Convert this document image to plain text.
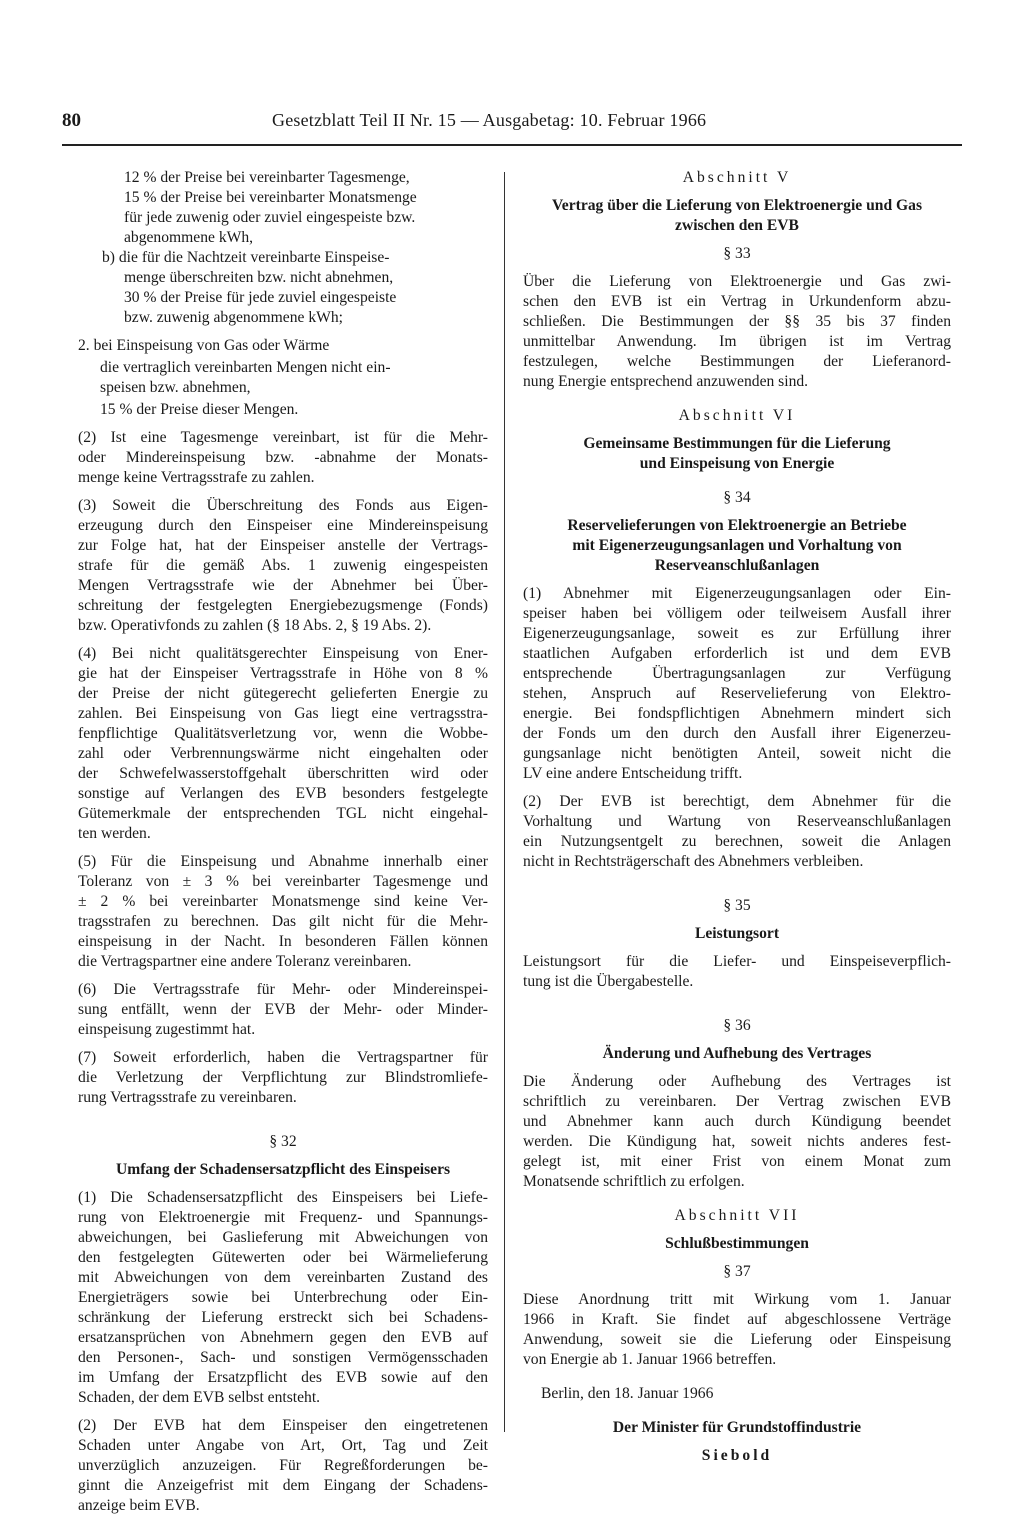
80	Gesetzblatt Teil II Nr. 15 — Ausgabetag: 10. Februar 1966
12 % der Preise bei vereinbarter Tagesmenge,
15 % der Preise bei vereinbarter Monatsmenge
für jede zuwenig oder zuviel eingespeiste bzw.
abgenommene kWh,
b) die für die Nachtzeit vereinbarte Einspeise-
menge überschreiten bzw. nicht abnehmen,
30 % der Preise für jede zuviel eingespeiste
bzw. zuwenig abgenommene kWh;
2. bei Einspeisung von Gas oder Wärme
die vertraglich vereinbarten Mengen nicht ein-
speisen bzw. abnehmen,
15 % der Preise dieser Mengen.
(2) Ist eine Tagesmenge vereinbart, ist für die Mehr-
oder Mindereinspeisung bzw. -abnahme der Monats-
menge keine Vertragsstrafe zu zahlen.
(3) Soweit die Überschreitung des Fonds aus Eigen-
erzeugung durch den Einspeiser eine Mindereinspeisung
zur Folge hat, hat der Einspeiser anstelle der Vertrags-
strafe für die gemäß Abs. 1 zuwenig eingespeisten
Mengen Vertragsstrafe wie der Abnehmer bei Über-
schreitung der festgelegten Energiebezugsmenge (Fonds)
bzw. Operativfonds zu zahlen (§ 18 Abs. 2, § 19 Abs. 2).
(4) Bei nicht qualitätsgerechter Einspeisung von Ener-
gie hat der Einspeiser Vertragsstrafe in Höhe von 8 %
der Preise der nicht gütegerecht gelieferten Energie zu
zahlen. Bei Einspeisung von Gas liegt eine vertragsstra-
fenpflichtige Qualitätsverletzung vor, wenn die Wobbe-
zahl oder Verbrennungswärme nicht eingehalten oder
der Schwefelwasserstoffgehalt überschritten wird oder
sonstige auf Verlangen des EVB besonders festgelegte
Gütemerkmale der entsprechenden TGL nicht eingehal-
ten werden.
(5) Für die Einspeisung und Abnahme innerhalb einer
Toleranz von ± 3 % bei vereinbarter Tagesmenge und
± 2 % bei vereinbarter Monatsmenge sind keine Ver-
tragsstrafen zu berechnen. Das gilt nicht für die Mehr-
einspeisung in der Nacht. In besonderen Fällen können
die Vertragspartner eine andere Toleranz vereinbaren.
(6) Die Vertragsstrafe für Mehr- oder Mindereinspei-
sung entfällt, wenn der EVB der Mehr- oder Minder-
einspeisung zugestimmt hat.
(7) Soweit erforderlich, haben die Vertragspartner für
die Verletzung der Verpflichtung zur Blindstromliefe-
rung Vertragsstrafe zu vereinbaren.
§ 32
Umfang der Schadensersatzpflicht des Einspeisers
(1) Die Schadensersatzpflicht des Einspeisers bei Liefe-
rung von Elektroenergie mit Frequenz- und Spannungs-
abweichungen, bei Gaslieferung mit Abweichungen von
den festgelegten Gütewerten oder bei Wärmelieferung
mit Abweichungen von dem vereinbarten Zustand des
Energieträgers sowie bei Unterbrechung oder Ein-
schränkung der Lieferung erstreckt sich bei Schadens-
ersatzansprüchen von Abnehmern gegen den EVB auf
den Personen-, Sach- und sonstigen Vermögensschaden
im Umfang der Ersatzpflicht des EVB sowie auf den
Schaden, der dem EVB selbst entsteht.
(2) Der EVB hat dem Einspeiser den eingetretenen
Schaden unter Angabe von Art, Ort, Tag und Zeit
unverzüglich anzuzeigen. Für Regreßforderungen be-
ginnt die Anzeigefrist mit dem Eingang der Schadens-
anzeige beim EVB.
Abschnitt V
Vertrag über die Lieferung von Elektroenergie und Gas
zwischen den EVB
§ 33
Über die Lieferung von Elektroenergie und Gas zwi-
schen den EVB ist ein Vertrag in Urkundenform abzu-
schließen. Die Bestimmungen der §§ 35 bis 37 finden
unmittelbar Anwendung. Im übrigen ist im Vertrag
festzulegen, welche Bestimmungen der Lieferanord-
nung Energie entsprechend anzuwenden sind.
Abschnitt VI
Gemeinsame Bestimmungen für die Lieferung
und Einspeisung von Energie
§ 34
Reservelieferungen von Elektroenergie an Betriebe
mit Eigenerzeugungsanlagen und Vorhaltung von
Reserveanschlußanlagen
(1) Abnehmer mit Eigenerzeugungsanlagen oder Ein-
speiser haben bei völligem oder teilweisem Ausfall ihrer
Eigenerzeugungsanlage, soweit es zur Erfüllung ihrer
staatlichen Aufgaben erforderlich ist und dem EVB
entsprechende Übertragungsanlagen zur Verfügung
stehen, Anspruch auf Reservelieferung von Elektro-
energie. Bei fondspflichtigen Abnehmern mindert sich
der Fonds um den durch den Ausfall ihrer Eigenerzeu-
gungsanlage nicht benötigten Anteil, soweit nicht die
LV eine andere Entscheidung trifft.
(2) Der EVB ist berechtigt, dem Abnehmer für die
Vorhaltung und Wartung von Reserveanschlußanlagen
ein Nutzungsentgelt zu berechnen, soweit die Anlagen
nicht in Rechtsträgerschaft des Abnehmers verbleiben.
§ 35
Leistungsort
Leistungsort für die Liefer- und Einspeiseverpflich-
tung ist die Übergabestelle.
§ 36
Änderung und Aufhebung des Vertrages
Die Änderung oder Aufhebung des Vertrages ist
schriftlich zu vereinbaren. Der Vertrag zwischen EVB
und Abnehmer kann auch durch Kündigung beendet
werden. Die Kündigung hat, soweit nichts anderes fest-
gelegt ist, mit einer Frist von einem Monat zum
Monatsende schriftlich zu erfolgen.
Abschnitt VII
Schlußbestimmungen
§ 37
Diese Anordnung tritt mit Wirkung vom 1. Januar
1966 in Kraft. Sie findet auf abgeschlossene Verträge
Anwendung, soweit sie die Lieferung oder Einspeisung
von Energie ab 1. Januar 1966 betreffen.
Berlin, den 18. Januar 1966
Der Minister für Grundstoffindustrie
Siebold
